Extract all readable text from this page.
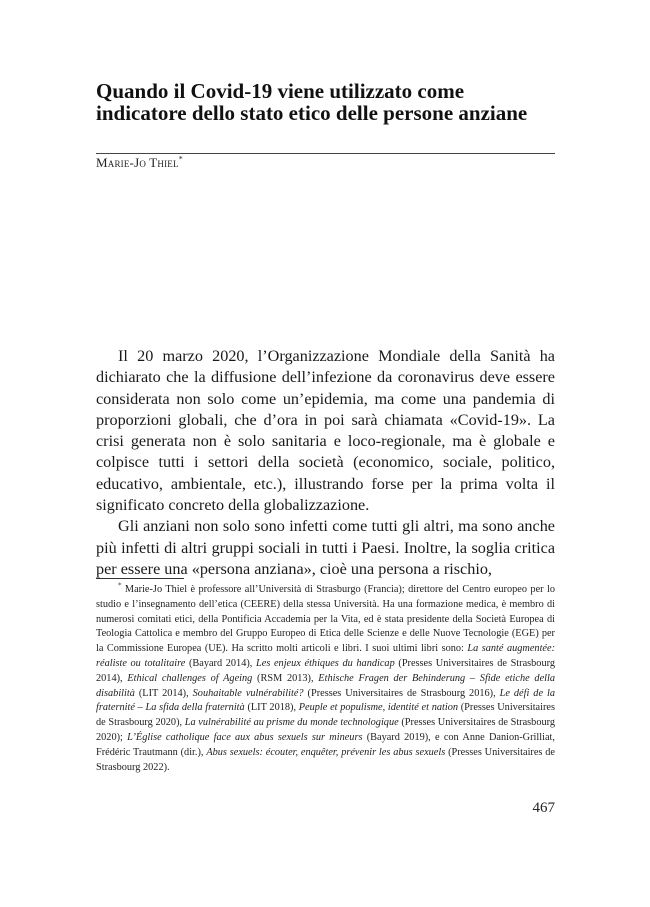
Quando il Covid-19 viene utilizzato come indicatore dello stato etico delle persone anziane
Marie-Jo Thiel*

Il 20 marzo 2020, l’Organizzazione Mondiale della Sanità ha dichiarato che la diffusione dell’infezione da coronavirus deve essere considerata non solo come un’epidemia, ma come una pandemia di proporzioni globali, che d’ora in poi sarà chiamata «Covid-19». La crisi generata non è solo sanitaria e loco-regionale, ma è globale e colpisce tutti i settori della società (economico, sociale, politico, educativo, ambientale, etc.), illustrando forse per la prima volta il significato concreto della globalizzazione.

Gli anziani non solo sono infetti come tutti gli altri, ma sono anche più infetti di altri gruppi sociali in tutti i Paesi. Inoltre, la soglia critica per essere una «persona anziana», cioè una persona a rischio,

* Marie-Jo Thiel è professore all’Università di Strasburgo (Francia); direttore del Centro europeo per lo studio e l’insegnamento dell’etica (CEERE) della stessa Università. Ha una formazione medica, è membro di numerosi comitati etici, della Pontificia Accademia per la Vita, ed è stata presidente della Società Europea di Teologia Cattolica e membro del Gruppo Europeo di Etica delle Scienze e delle Nuove Tecnologie (EGE) per la Commissione Europea (UE). Ha scritto molti articoli e libri. I suoi ultimi libri sono: La santé augmentée: réaliste ou totalitaire (Bayard 2014), Les enjeux éthiques du handicap (Presses Universitaires de Strasbourg 2014), Ethical challenges of Ageing (RSM 2013), Ethische Fragen der Behinderung – Sfide etiche della disabilità (LIT 2014), Souhaitable vulnérabilité? (Presses Universitaires de Strasbourg 2016), Le défi de la fraternité – La sfida della fraternità (LIT 2018), Peuple et populisme, identité et nation (Presses Universitaires de Strasbourg 2020), La vulnérabilité au prisme du monde technologique (Presses Universitaires de Strasbourg 2020); L’Église catholique face aux abus sexuels sur mineurs (Bayard 2019), e con Anne Danion-Grilliat, Frédéric Trautmann (dir.), Abus sexuels: écouter, enquêter, prévenir les abus sexuels (Presses Universitaires de Strasbourg 2022).

467
